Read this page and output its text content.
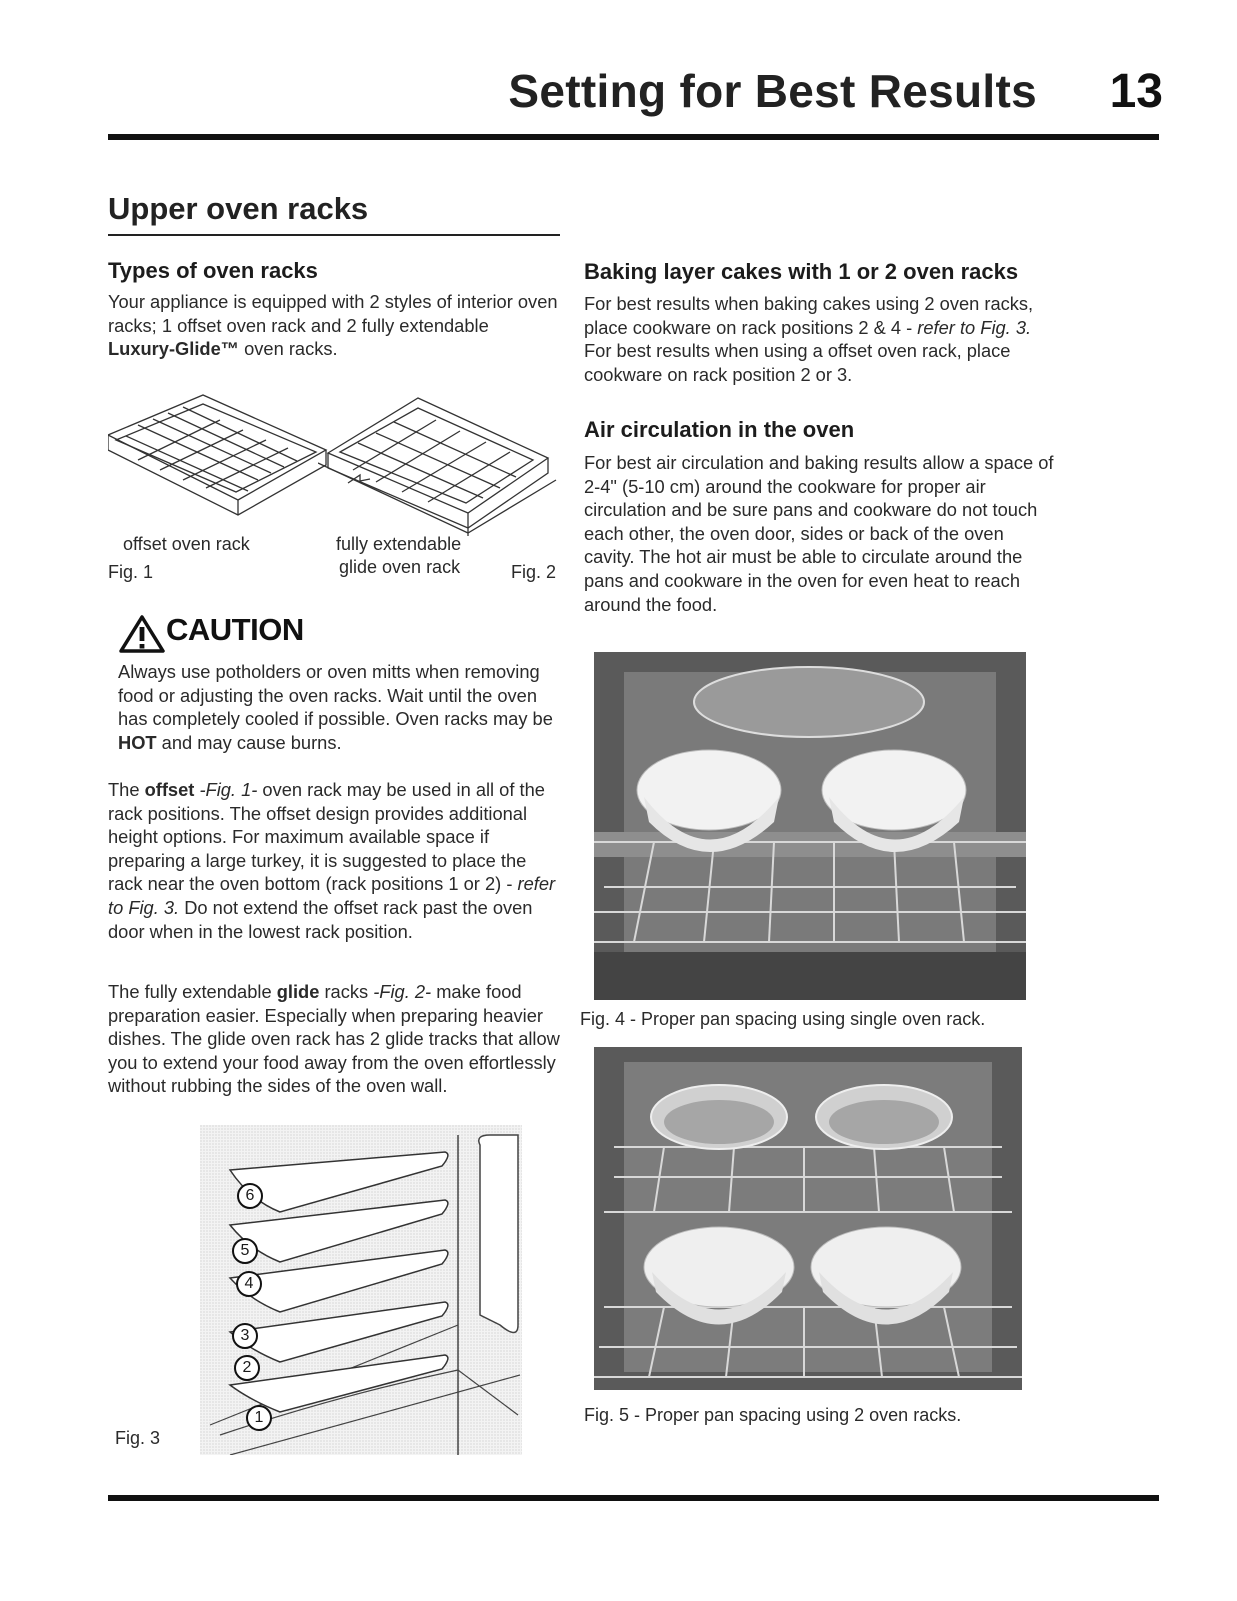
Setting for Best Results 13
Upper oven racks
Types of oven racks

Your appliance is equipped with 2 styles of interior oven racks; 1 offset oven rack and 2 fully extendable Luxury-Glide™ oven racks.

offset oven rack
Fig. 1
fully extendable
glide oven rack	Fig. 2
CAUTION

Always use potholders or oven mitts when removing food or adjusting the oven racks. Wait until the oven has completely cooled if possible. Oven racks may be HOT and may cause burns.

The offset -Fig. 1- oven rack may be used in all of the rack positions. The offset design provides additional height options. For maximum available space if preparing a large turkey, it is suggested to place the rack near the oven bottom (rack positions 1 or 2) - refer to Fig. 3. Do not extend the offset rack past the oven door when in the lowest rack position.

The fully extendable glide racks -Fig. 2- make food preparation easier. Especially when preparing heavier dishes. The glide oven rack has 2 glide tracks that allow you to extend your food away from the oven effortlessly without rubbing the sides of the oven wall.

6
5
4
3
2
1
Fig. 3
Baking layer cakes with 1 or 2 oven racks

For best results when baking cakes using 2 oven racks, place cookware on rack positions 2 & 4 - refer to Fig. 3. For best results when using a offset oven rack, place cookware on rack position 2 or 3.

Air circulation in the oven
For best air circulation and baking results allow a space of 2-4" (5-10 cm) around the cookware for proper air circulation and be sure pans and cookware do not touch each other, the oven door, sides or back of the oven cavity. The hot air must be able to circulate around the pans and cookware in the oven for even heat to reach around the food.
Fig. 4 - Proper pan spacing using single oven rack.
Fig. 5 - Proper pan spacing using 2 oven racks.
